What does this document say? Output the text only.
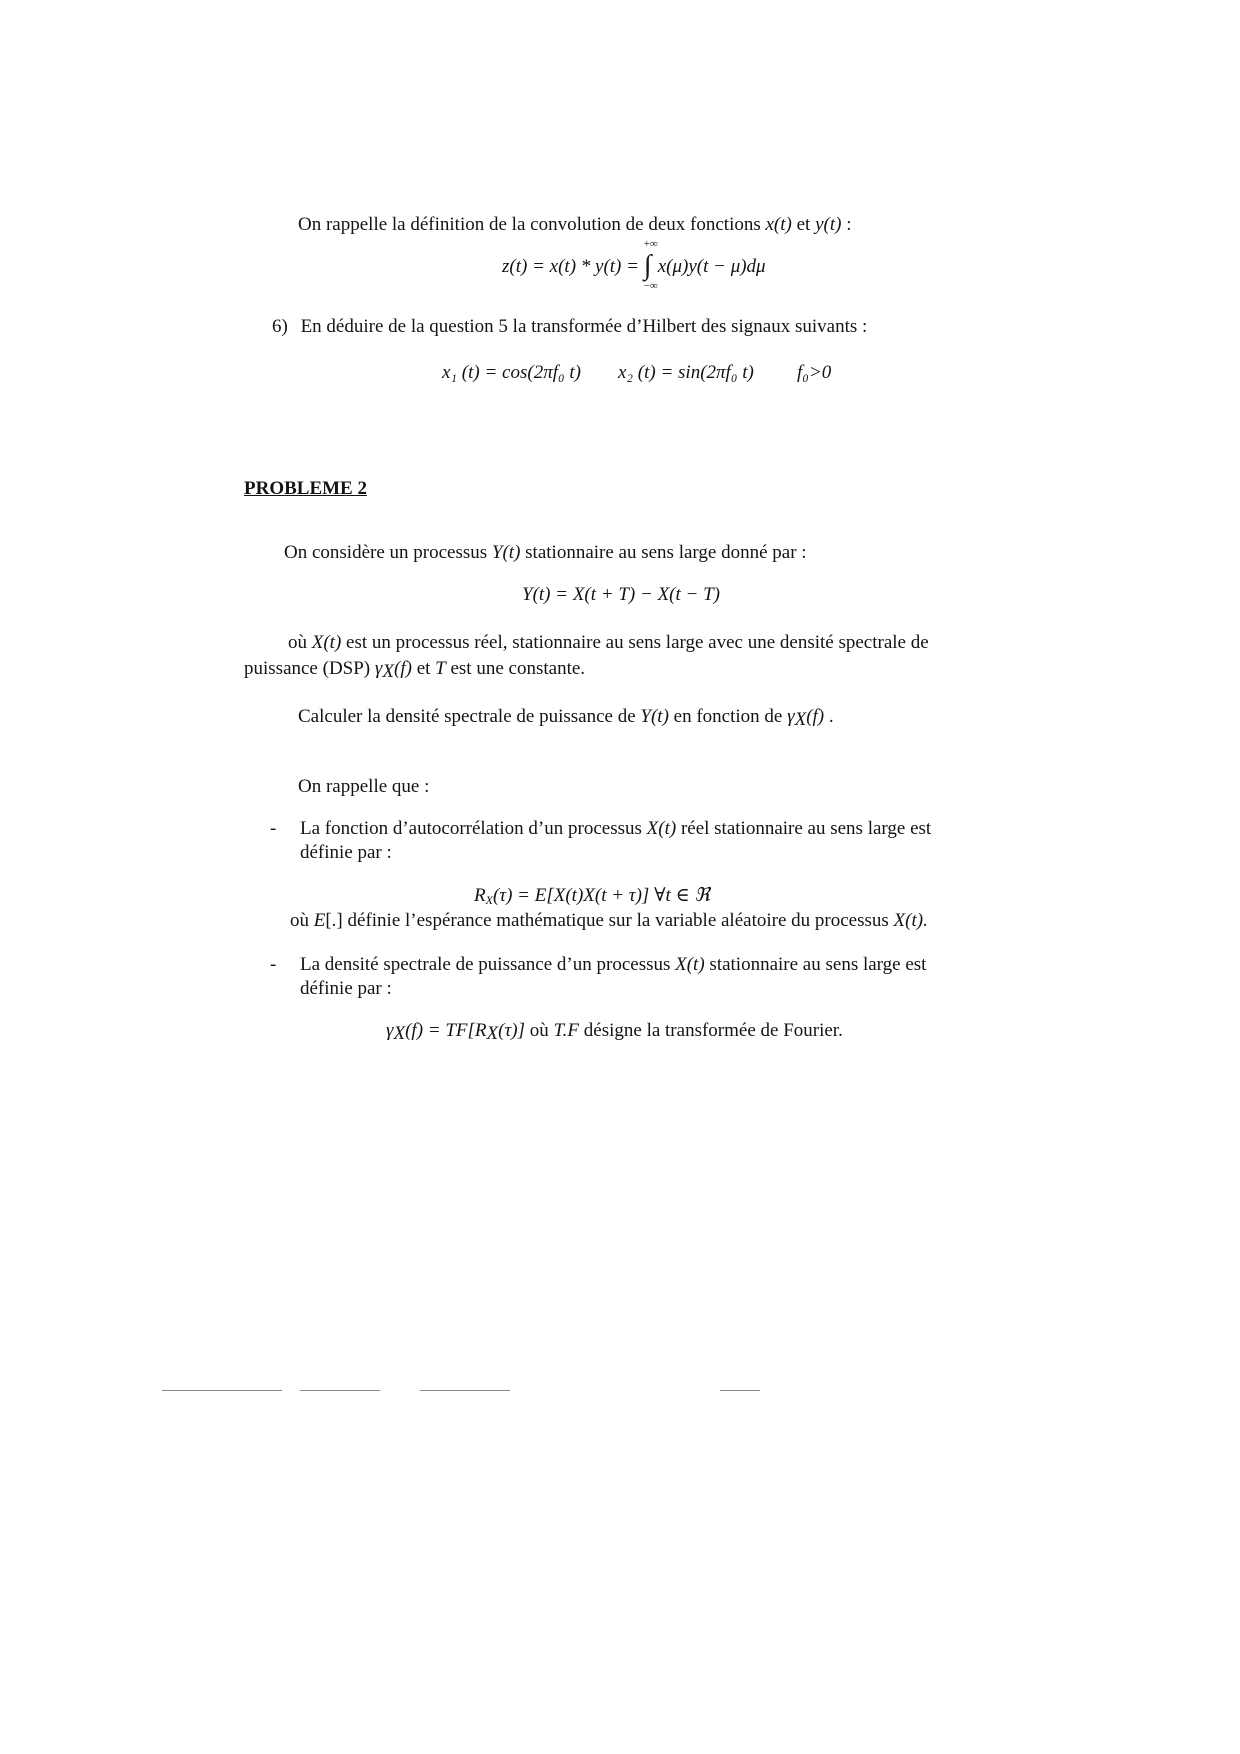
On rappelle la définition de la convolution de deux fonctions x(t) et y(t) :
z(t) = x(t) * y(t) =
+∞
∫
−∞
x(μ)y(t − μ)dμ
6) En déduire de la question 5 la transformée d’Hilbert des signaux suivants :
x₁ (t) = cos(2πf₀ t) x₂ (t) = sin(2πf₀ t) f₀>0
PROBLEME 2
On considère un processus Y(t) stationnaire au sens large donné par :
Y(t) = X(t + T) − X(t − T)
où X(t) est un processus réel, stationnaire au sens large avec une densité spectrale de
puissance (DSP) $\gamma_X(f)$ et T est une constante.
Calculer la densité spectrale de puissance de Y(t) en fonction de $\gamma_X(f)$ .
On rappelle que :
- La fonction d’autocorrélation d’un processus X(t) réel stationnaire au sens large est
définie par :
$R_X(\tau) = E[X(t)X(t + \tau)]$ ∀t ∈ ℜ
où E[.] définie l’espérance mathématique sur la variable aléatoire du processus X(t).
- La densité spectrale de puissance d’un processus X(t) stationnaire au sens large est
définie par :
$\gamma_X(f) = TF[R_X(\tau)]$ où T.F désigne la transformée de Fourier.
